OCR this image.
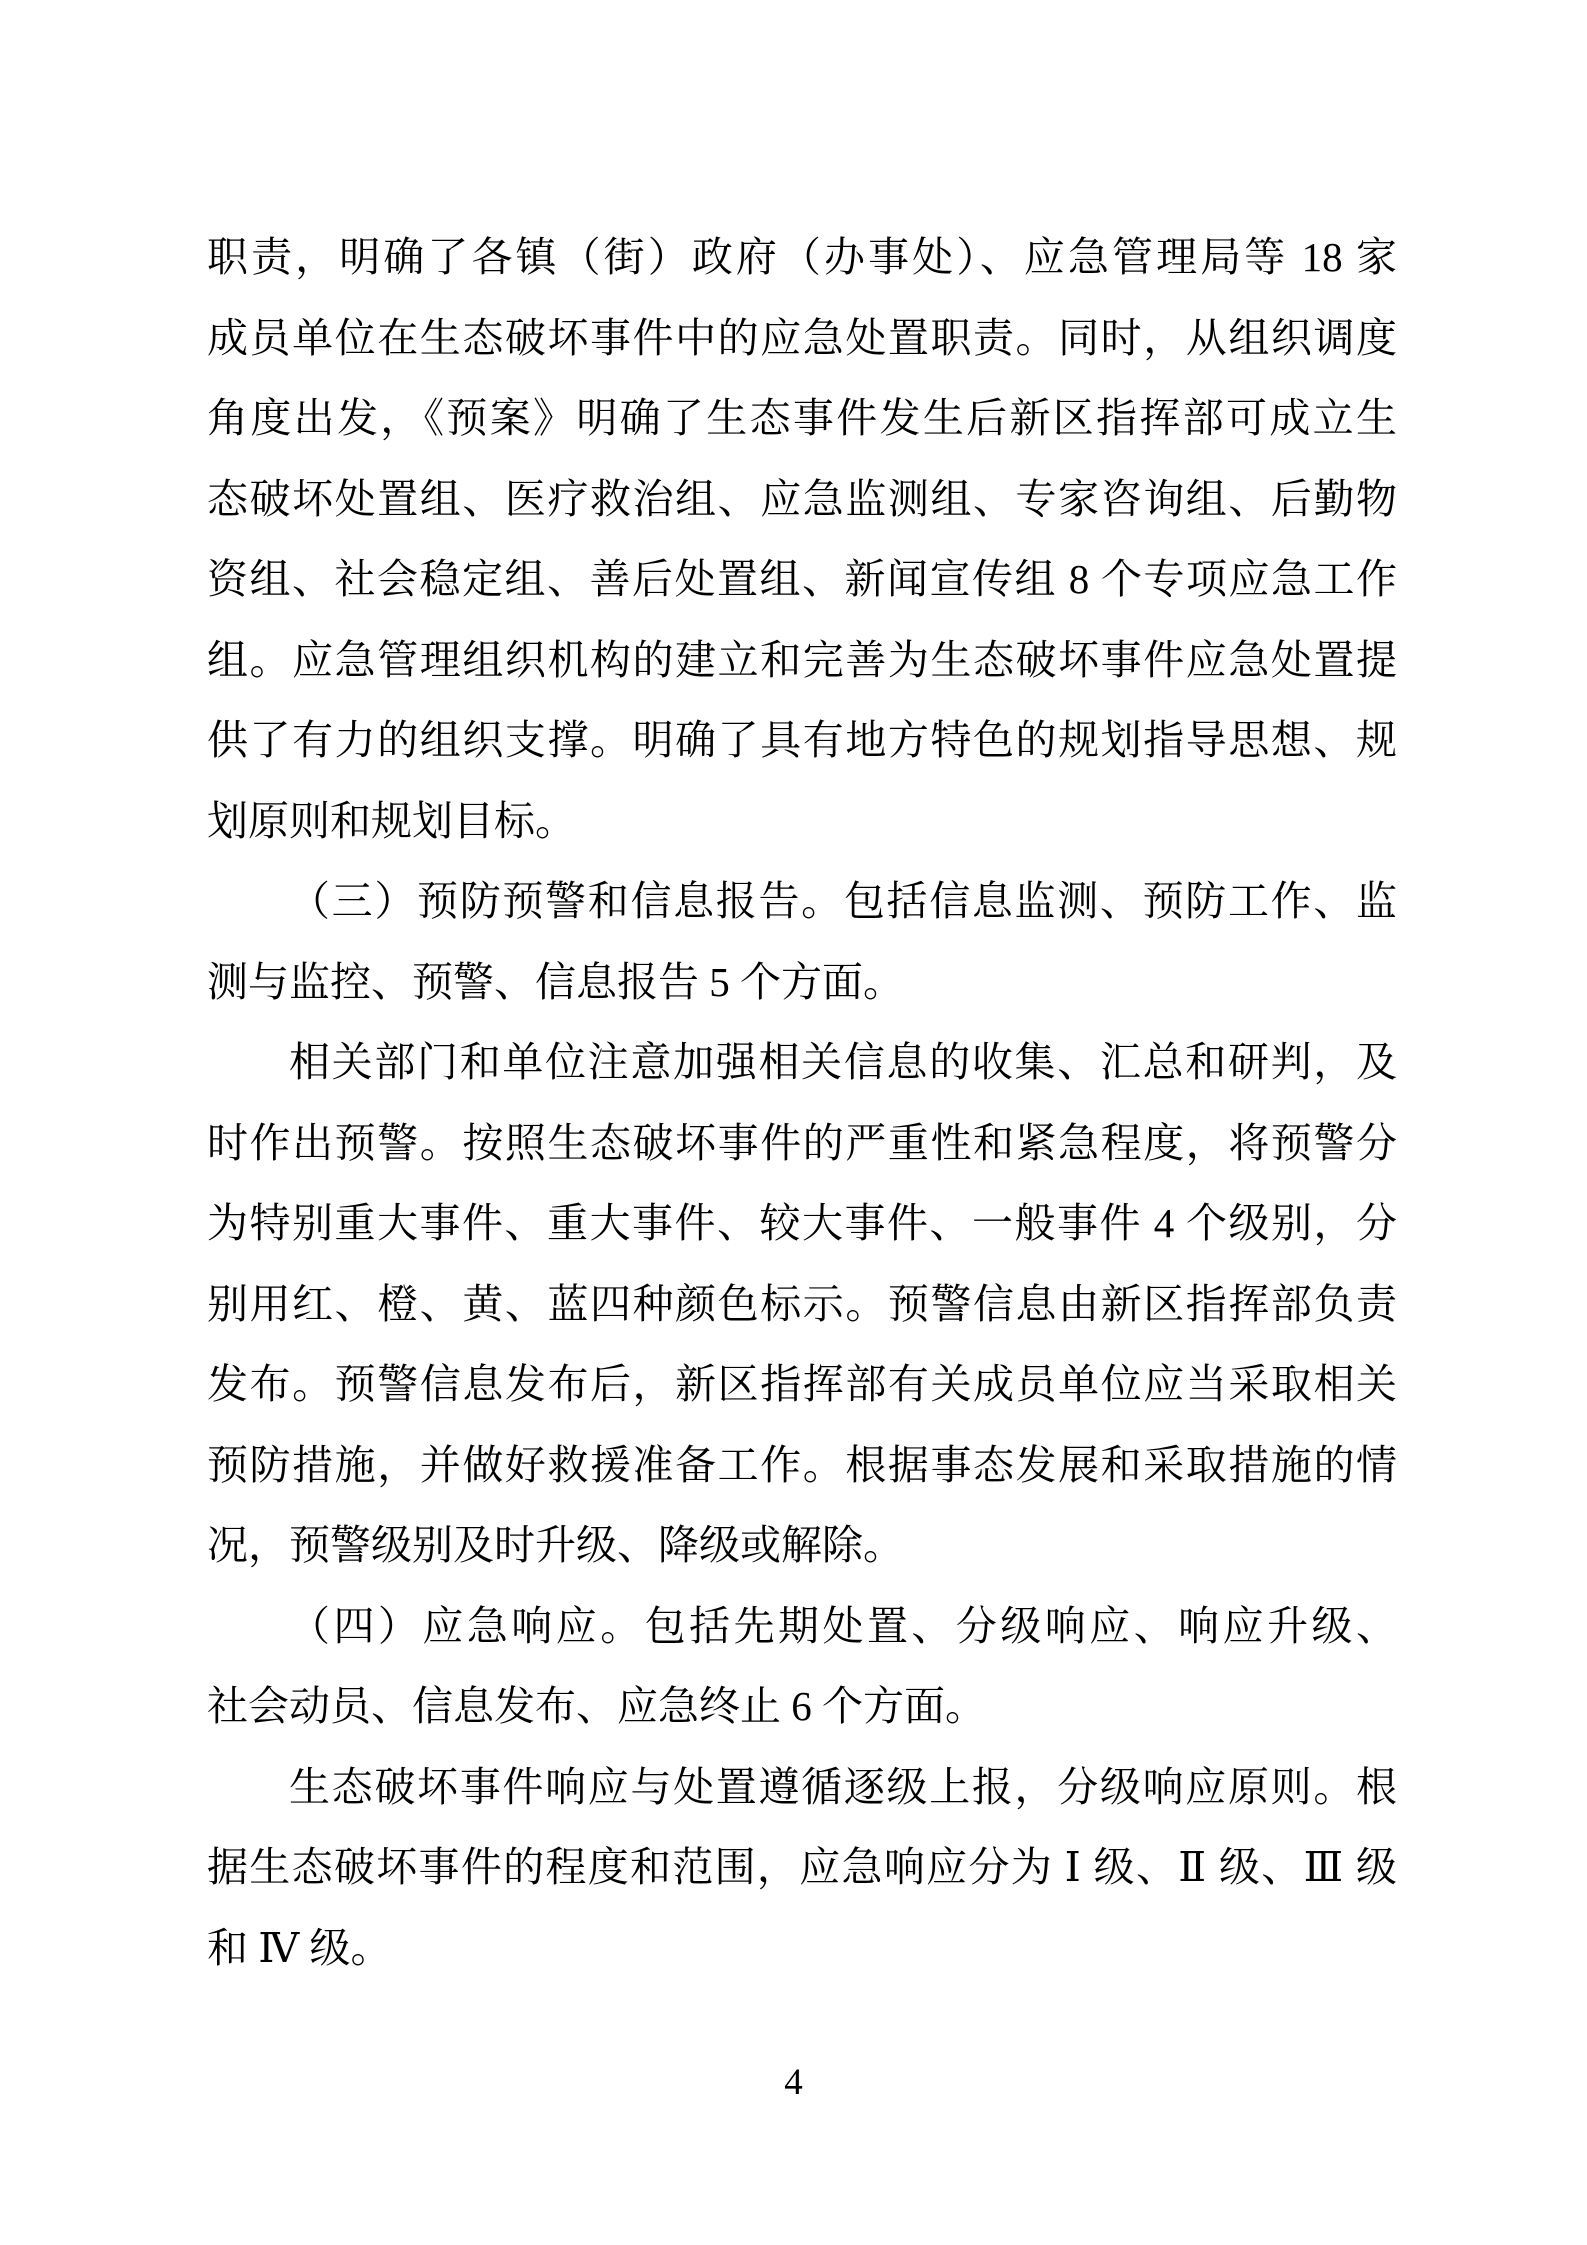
职责，明确了各镇（街）政府（办事处）、应急管理局等 18 家
成员单位在生态破坏事件中的应急处置职责。同时，从组织调度
角度出发，《预案》明确了生态事件发生后新区指挥部可成立生
态破坏处置组、医疗救治组、应急监测组、专家咨询组、后勤物
资组、社会稳定组、善后处置组、新闻宣传组 8 个专项应急工作
组。应急管理组织机构的建立和完善为生态破坏事件应急处置提
供了有力的组织支撑。明确了具有地方特色的规划指导思想、规
划原则和规划目标。
（三）预防预警和信息报告。包括信息监测、预防工作、监
测与监控、预警、信息报告 5 个方面。
相关部门和单位注意加强相关信息的收集、汇总和研判，及
时作出预警。按照生态破坏事件的严重性和紧急程度，将预警分
为特别重大事件、重大事件、较大事件、一般事件 4 个级别，分
别用红、橙、黄、蓝四种颜色标示。预警信息由新区指挥部负责
发布。预警信息发布后，新区指挥部有关成员单位应当采取相关
预防措施，并做好救援准备工作。根据事态发展和采取措施的情
况，预警级别及时升级、降级或解除。
（四）应急响应。包括先期处置、分级响应、响应升级、
社会动员、信息发布、应急终止 6 个方面。
生态破坏事件响应与处置遵循逐级上报，分级响应原则。根
据生态破坏事件的程度和范围，应急响应分为 Ⅰ 级、Ⅱ 级、Ⅲ 级
和 Ⅳ 级。
4
